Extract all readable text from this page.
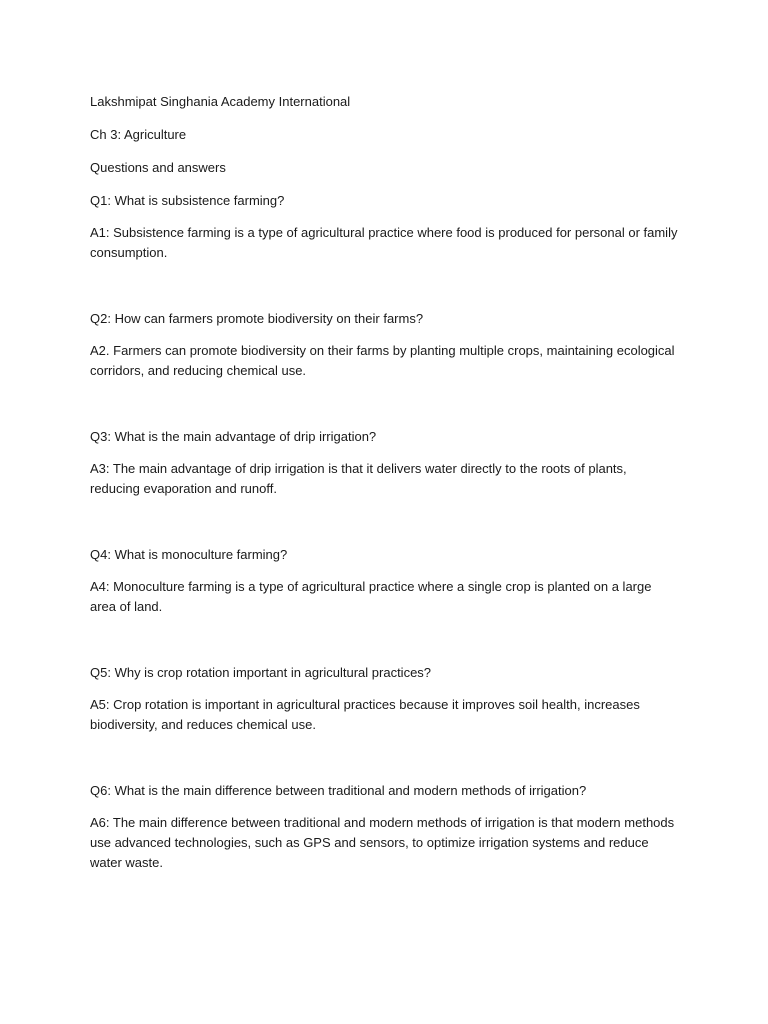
Lakshmipat Singhania Academy International

Ch 3: Agriculture

Questions and answers

Q1: What is subsistence farming?

A1: Subsistence farming is a type of agricultural practice where food is produced for personal or family consumption.

Q2: How can farmers promote biodiversity on their farms?

A2. Farmers can promote biodiversity on their farms by planting multiple crops, maintaining ecological corridors, and reducing chemical use.

Q3: What is the main advantage of drip irrigation?

A3: The main advantage of drip irrigation is that it delivers water directly to the roots of plants, reducing evaporation and runoff.

Q4: What is monoculture farming?

A4: Monoculture farming is a type of agricultural practice where a single crop is planted on a large area of land.

Q5: Why is crop rotation important in agricultural practices?

A5: Crop rotation is important in agricultural practices because it improves soil health, increases biodiversity, and reduces chemical use.

Q6: What is the main difference between traditional and modern methods of irrigation?

A6: The main difference between traditional and modern methods of irrigation is that modern methods use advanced technologies, such as GPS and sensors, to optimize irrigation systems and reduce water waste.
